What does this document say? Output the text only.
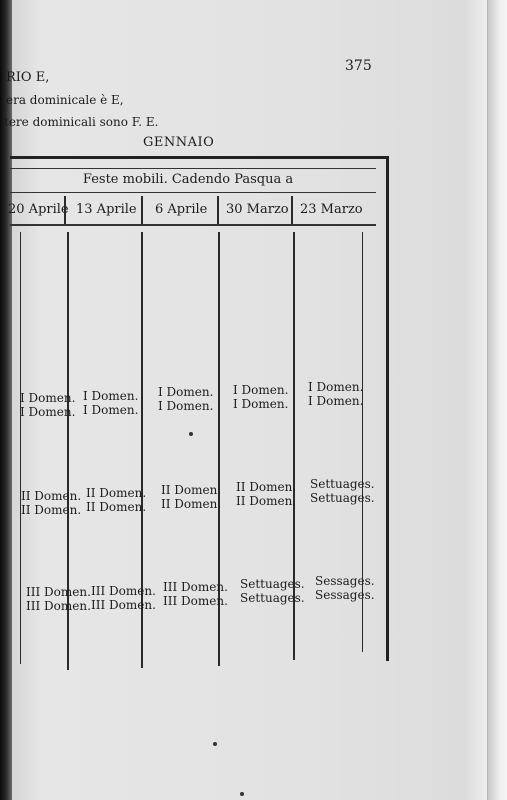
375
RIO E,
era dominicale è E,
tere dominicali sono F. E.
GENNAIO
Feste mobili. Cadendo Pasqua a
20 Aprile 13 Aprile 6 Aprile 30 Marzo 23 Marzo
I Domen.
I Domen.
I Domen.
I Domen.
I Domen.
I Domen.
I Domen.
I Domen.
I Domen.
I Domen.
II Domen.
II Domen.
II Domen.
II Domen.
II Domen.
II Domen.
II Domen.
II Domen.
Settuages.
Settuages.
III Domen.
III Domen.
III Domen.
III Domen.
III Domen.
III Domen.
Settuages.
Settuages.
Sessages.
Sessages.
